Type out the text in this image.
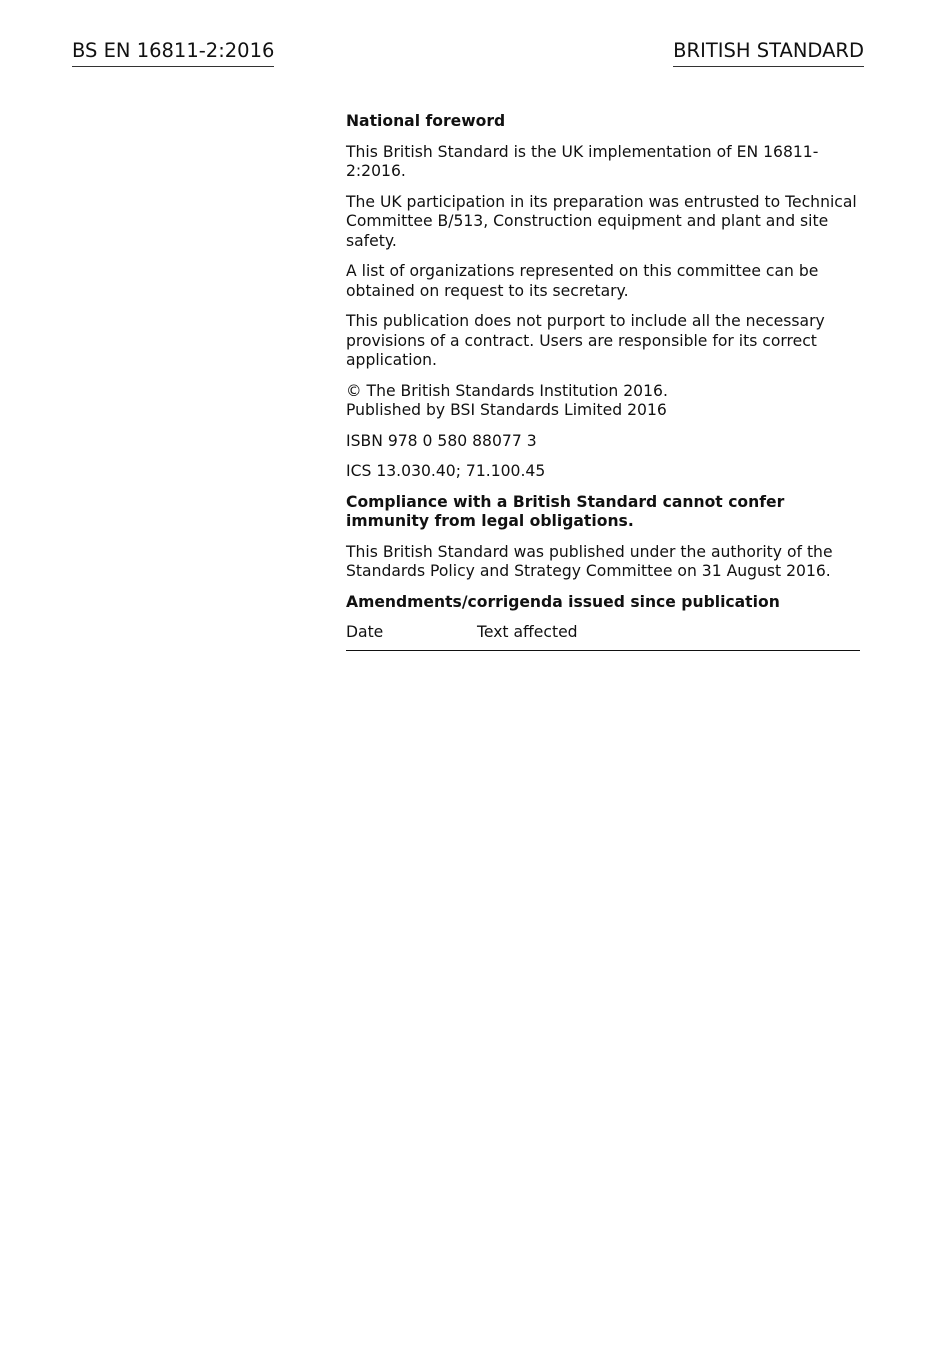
BS EN 16811-2:2016	BRITISH STANDARD

National foreword

This British Standard is the UK implementation of EN 16811-2:2016.

The UK participation in its preparation was entrusted to Technical Committee B/513, Construction equipment and plant and site safety.

A list of organizations represented on this committee can be obtained on request to its secretary.

This publication does not purport to include all the necessary provisions of a contract. Users are responsible for its correct application.

© The British Standards Institution 2016.
Published by BSI Standards Limited 2016

ISBN 978 0 580 88077 3

ICS 13.030.40; 71.100.45

Compliance with a British Standard cannot confer immunity from legal obligations.

This British Standard was published under the authority of the Standards Policy and Strategy Committee on 31 August 2016.

Amendments/corrigenda issued since publication

Date	Text affected
